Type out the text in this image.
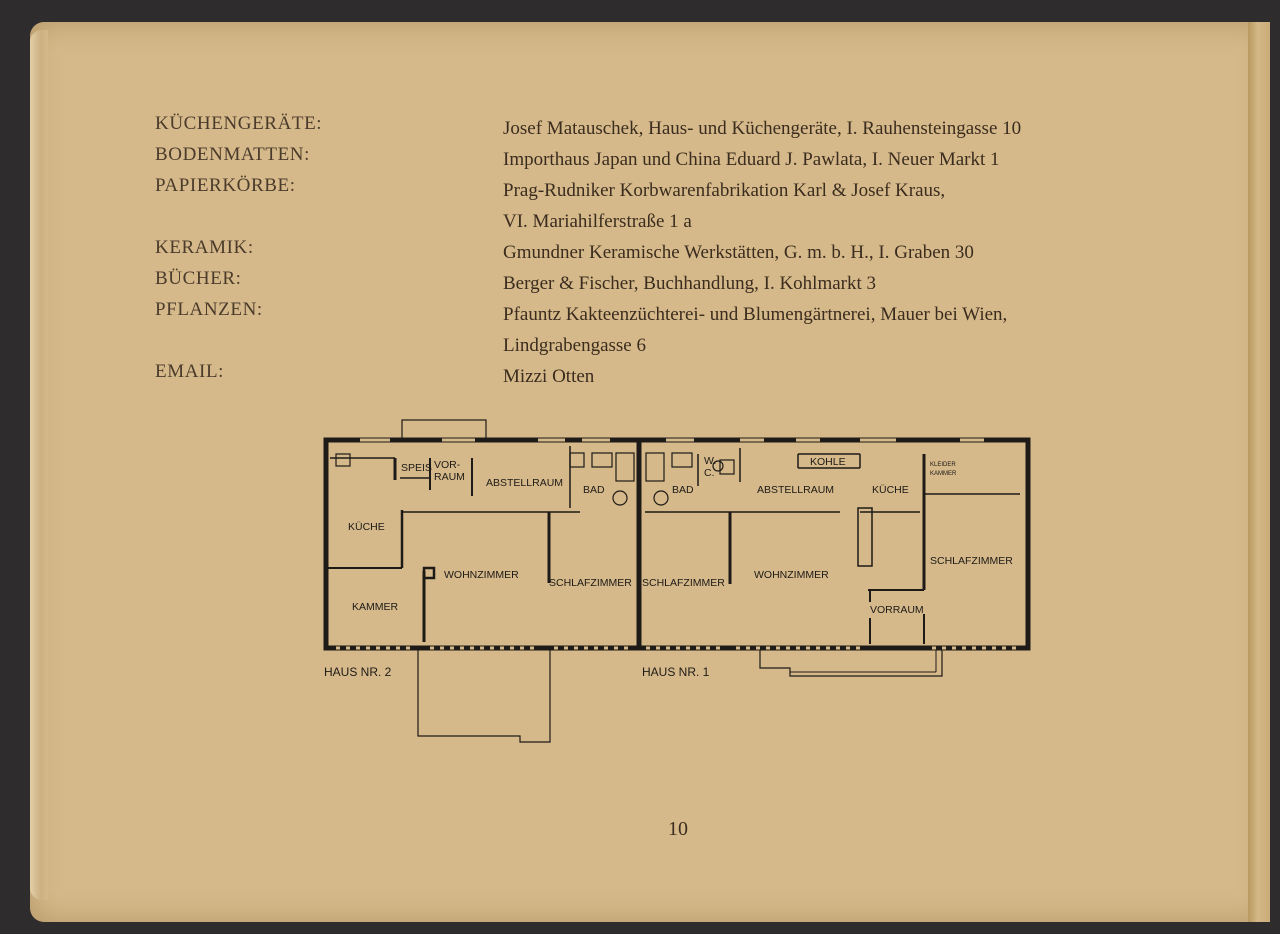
KÜCHENGERÄTE:	Josef Matauschek, Haus- und Küchengeräte, I. Rauhensteingasse 10
BODENMATTEN:	Importhaus Japan und China Eduard J. Pawlata, I. Neuer Markt 1
PAPIERKÖRBE:	Prag-Rudniker Korbwarenfabrikation Karl & Josef Kraus,
VI. Mariahilferstraße 1 a
KERAMIK:	Gmundner Keramische Werkstätten, G. m. b. H., I. Graben 30
BÜCHER:	Berger & Fischer, Buchhandlung, I. Kohlmarkt 3
PFLANZEN:	Pfauntz Kakteenzüchterei- und Blumengärtnerei, Mauer bei Wien,
Lindgrabengasse 6
EMAIL:	Mizzi Otten
SPEIS VOR-
RAUM ABSTELLRAUM
BAD	BAD
W.
C.
KOHLE	KLEIDER
KAMMER
ABSTELLRAUM	KÜCHE
KÜCHE
WOHNZIMMER
SCHLAFZIMMER SCHLAFZIMMER
WOHNZIMMER
SCHLAFZIMMER
VORRAUM
KAMMER
HAUS NR. 2	HAUS NR. 1
10
